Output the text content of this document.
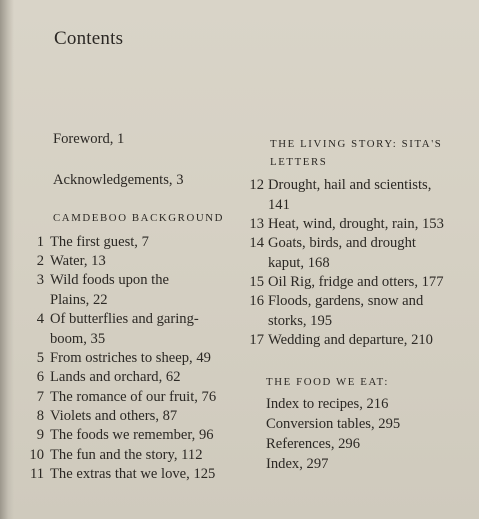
Contents
Foreword, 1
Acknowledgements, 3
CAMDEBOO BACKGROUND
1 The first guest, 7
2 Water, 13
3 Wild foods upon the
Plains, 22
4 Of butterflies and garing-
boom, 35
5 From ostriches to sheep, 49
6 Lands and orchard, 62
7 The romance of our fruit, 76
8 Violets and others, 87
9 The foods we remember, 96
10 The fun and the story, 112
11 The extras that we love, 125
THE LIVING STORY: SITA'S
LETTERS
12 Drought, hail and scientists,
141
13 Heat, wind, drought, rain, 153
14 Goats, birds, and drought
kaput, 168
15 Oil Rig, fridge and otters, 177
16 Floods, gardens, snow and
storks, 195
17 Wedding and departure, 210
THE FOOD WE EAT:
Index to recipes, 216
Conversion tables, 295
References, 296
Index, 297
